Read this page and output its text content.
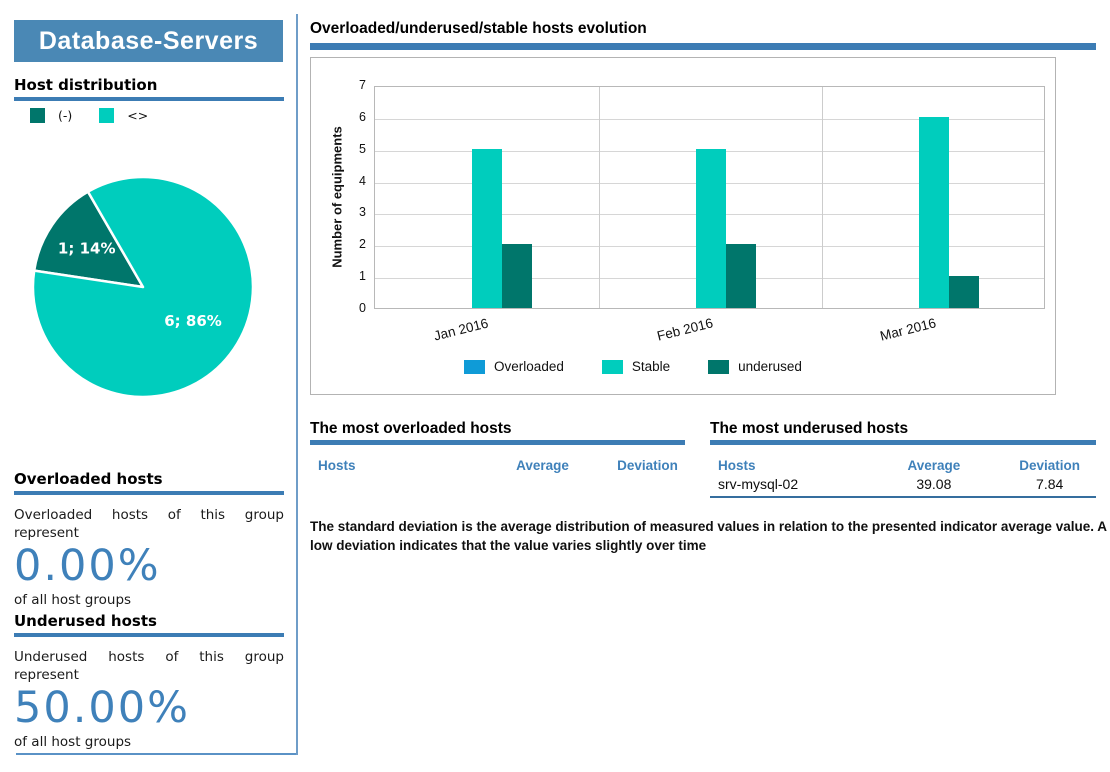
Database-Servers
Host distribution
(-)	<>
1; 14%
6; 86%
Overloaded hosts

Overloaded hosts of this group represent

0.00%
of all host groups
Underused hosts

Underused hosts of this group represent

50.00%
of all host groups
Overloaded/underused/stable hosts evolution
Number of equipments
0
1
2
3
4
5
6
7
Jan 2016	Feb 2016	Mar 2016
Overloaded	Stable	underused
The most overloaded hosts
Hosts	Average	Deviation
The most underused hosts
Hosts	Average	Deviation
srv-mysql-02	39.08	7.84

The standard deviation is the average distribution of measured values in relation to the presented indicator average value. A low deviation indicates that the value varies slightly over time
